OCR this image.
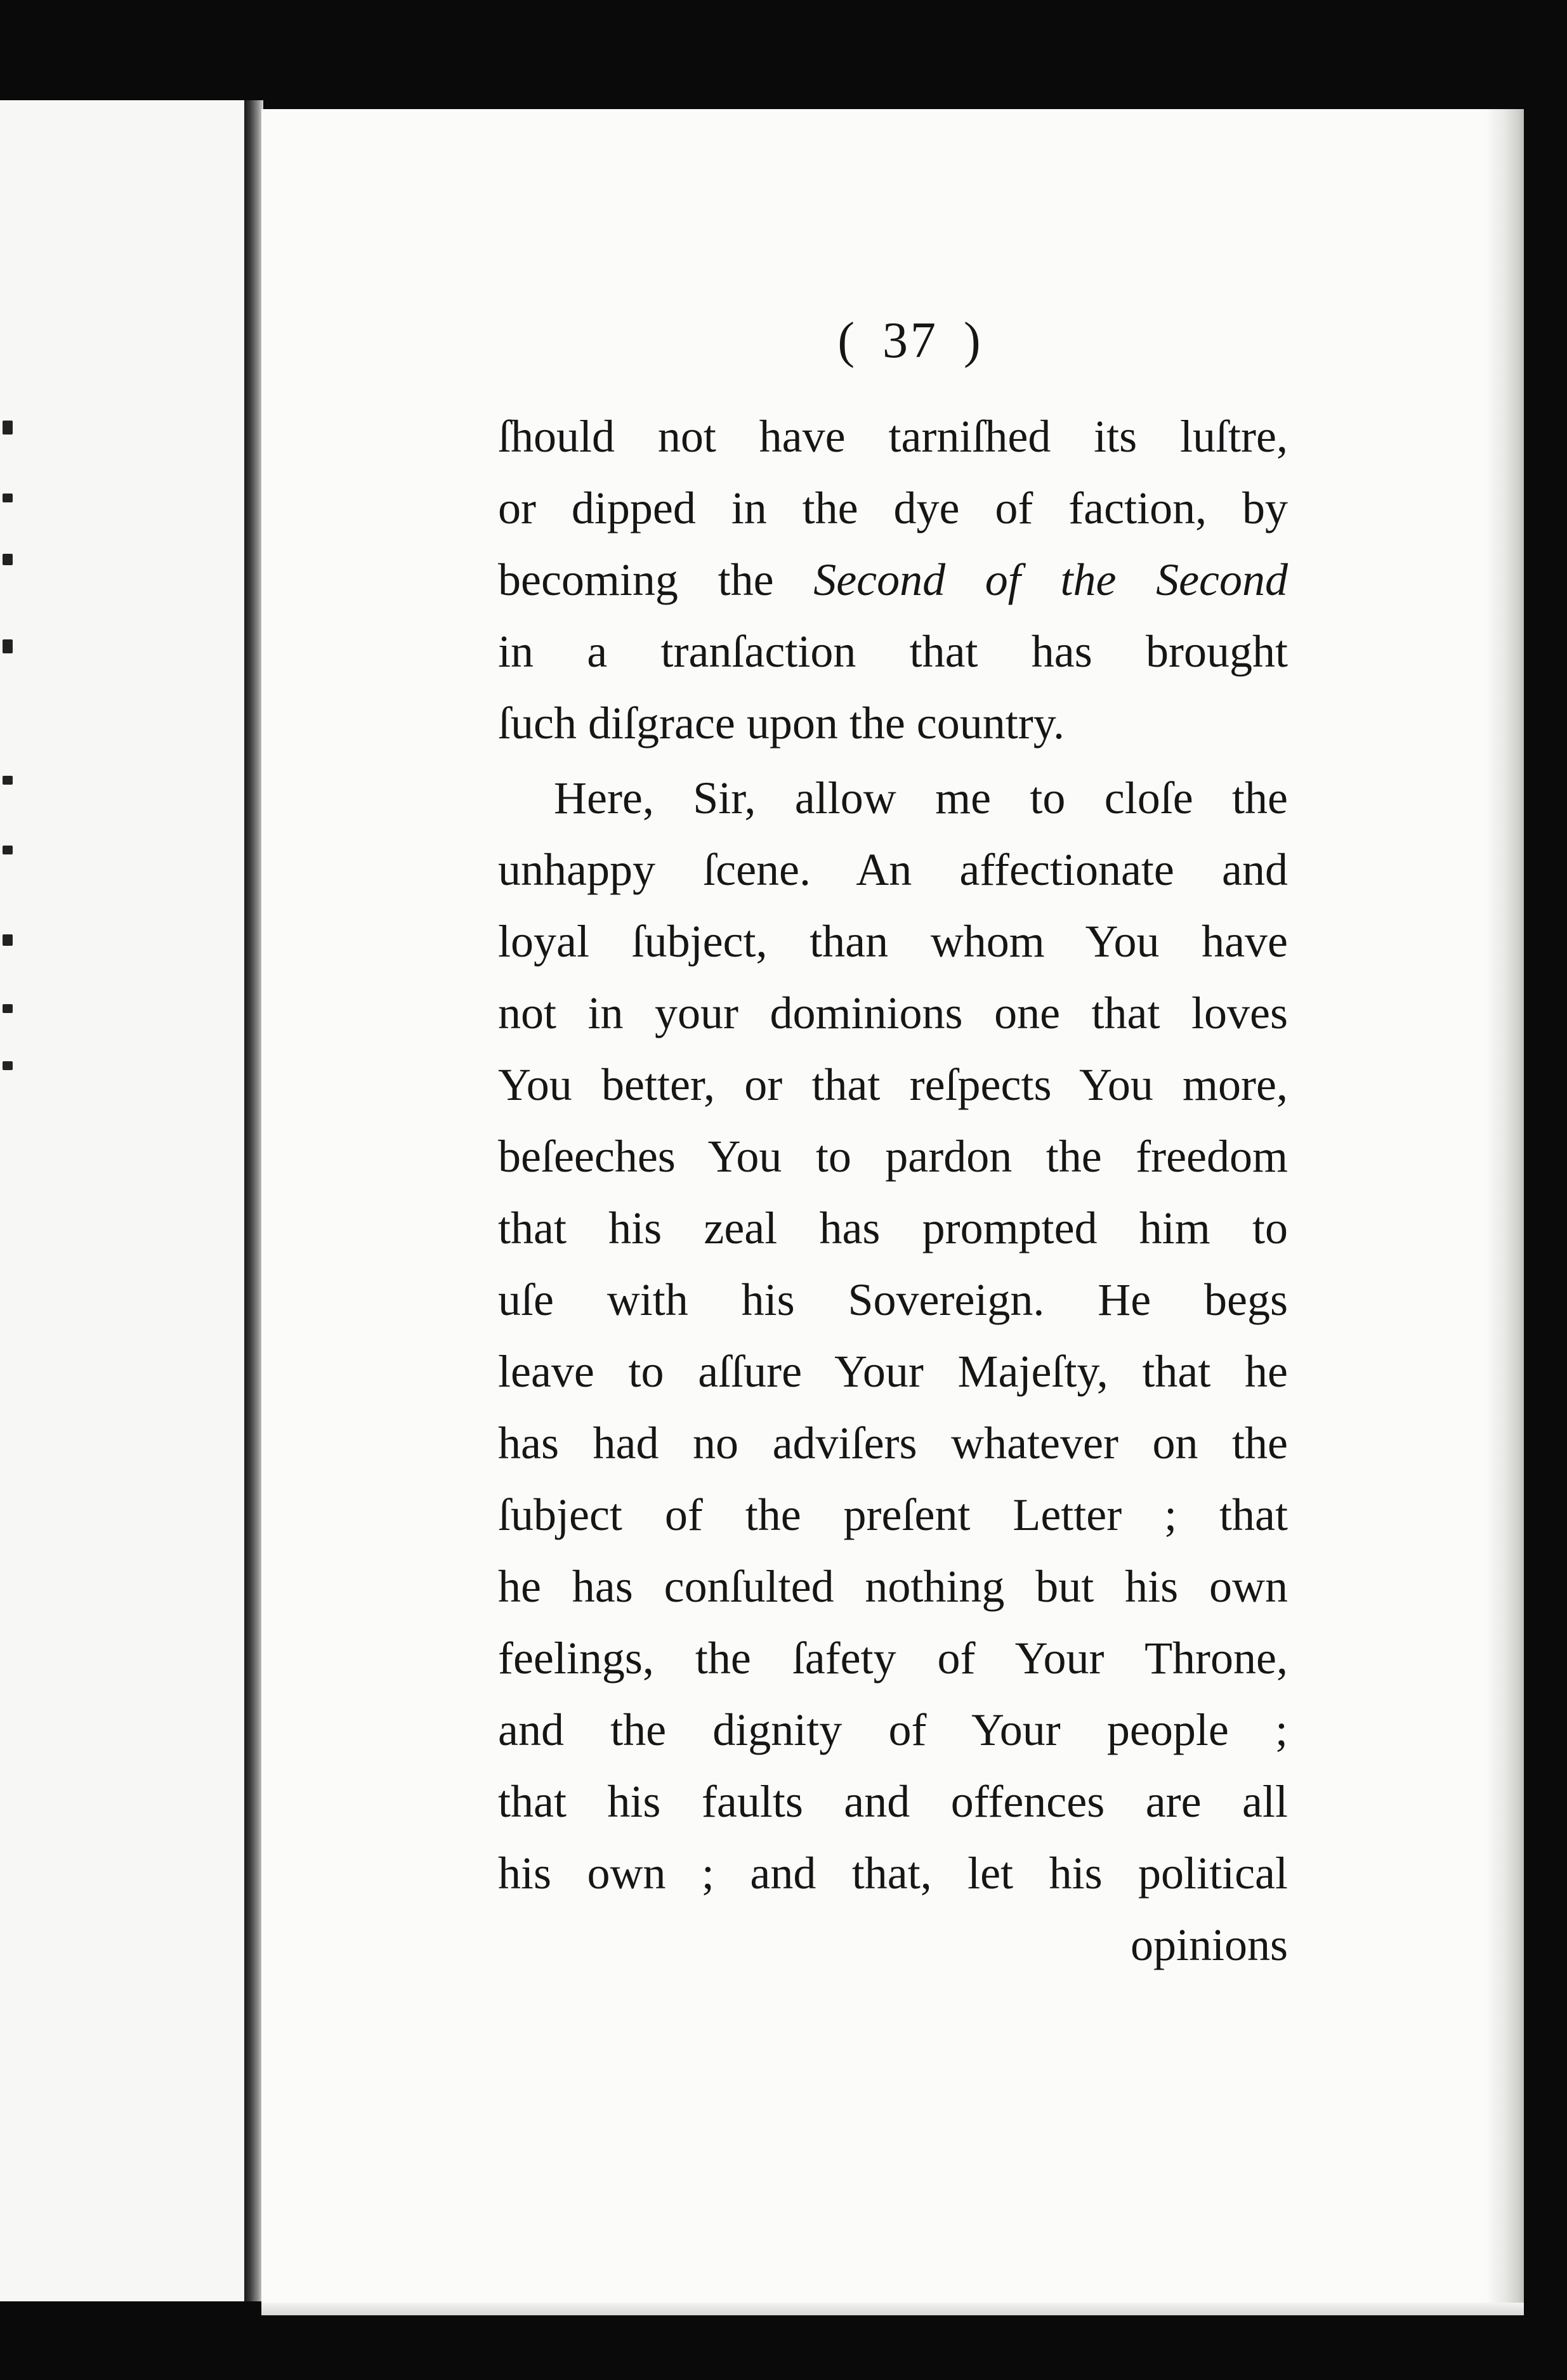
( 37 )
ſhould not have tarniſhed its luſtre,
or dipped in the dye of faction, by
becoming the Second of the Second
in a tranſaction that has brought
ſuch diſgrace upon the country.
Here, Sir, allow me to cloſe the
unhappy ſcene. An affectionate and
loyal ſubject, than whom You have
not in your dominions one that loves
You better, or that reſpects You more,
beſeeches You to pardon the freedom
that his zeal has prompted him to
uſe with his Sovereign. He begs
leave to aſſure Your Majeſty, that he
has had no adviſers whatever on the
ſubject of the preſent Letter ; that
he has conſulted nothing but his own
feelings, the ſafety of Your Throne,
and the dignity of Your people ;
that his faults and offences are all
his own ; and that, let his political
opinions
